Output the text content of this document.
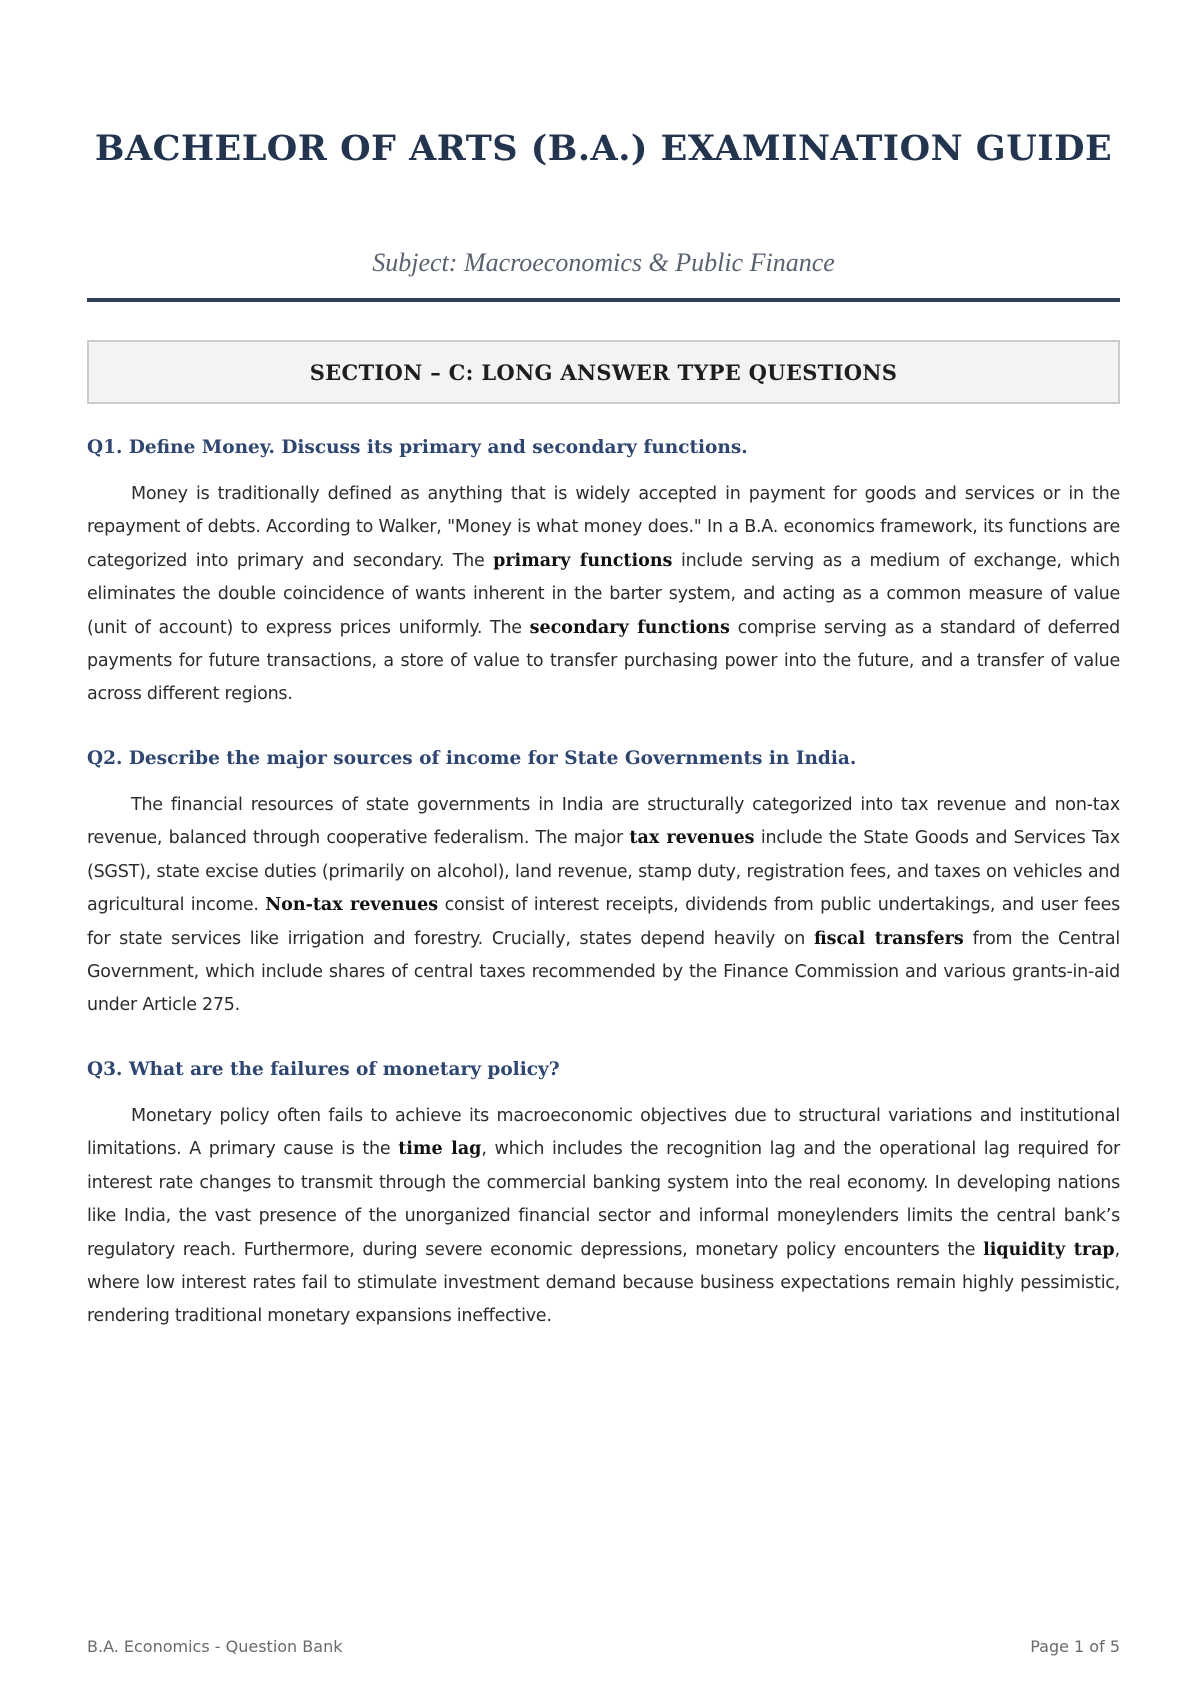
BACHELOR OF ARTS (B.A.) EXAMINATION GUIDE
Subject: Macroeconomics & Public Finance
SECTION – C: LONG ANSWER TYPE QUESTIONS
Q1. Define Money. Discuss its primary and secondary functions.

Money is traditionally defined as anything that is widely accepted in payment for goods and services or in the repayment of debts. According to Walker, "Money is what money does." In a B.A. economics framework, its functions are categorized into primary and secondary. The primary functions include serving as a medium of exchange, which eliminates the double coincidence of wants inherent in the barter system, and acting as a common measure of value (unit of account) to express prices uniformly. The secondary functions comprise serving as a standard of deferred payments for future transactions, a store of value to transfer purchasing power into the future, and a transfer of value across different regions.

Q2. Describe the major sources of income for State Governments in India.

The financial resources of state governments in India are structurally categorized into tax revenue and non-tax revenue, balanced through cooperative federalism. The major tax revenues include the State Goods and Services Tax (SGST), state excise duties (primarily on alcohol), land revenue, stamp duty, registration fees, and taxes on vehicles and agricultural income. Non-tax revenues consist of interest receipts, dividends from public undertakings, and user fees for state services like irrigation and forestry. Crucially, states depend heavily on fiscal transfers from the Central Government, which include shares of central taxes recommended by the Finance Commission and various grants-in-aid under Article 275.

Q3. What are the failures of monetary policy?

Monetary policy often fails to achieve its macroeconomic objectives due to structural variations and institutional limitations. A primary cause is the time lag, which includes the recognition lag and the operational lag required for interest rate changes to transmit through the commercial banking system into the real economy. In developing nations like India, the vast presence of the unorganized financial sector and informal moneylenders limits the central bank’s regulatory reach. Furthermore, during severe economic depressions, monetary policy encounters the liquidity trap, where low interest rates fail to stimulate investment demand because business expectations remain highly pessimistic, rendering traditional monetary expansions ineffective.

B.A. Economics - Question Bank	Page 1 of 5
